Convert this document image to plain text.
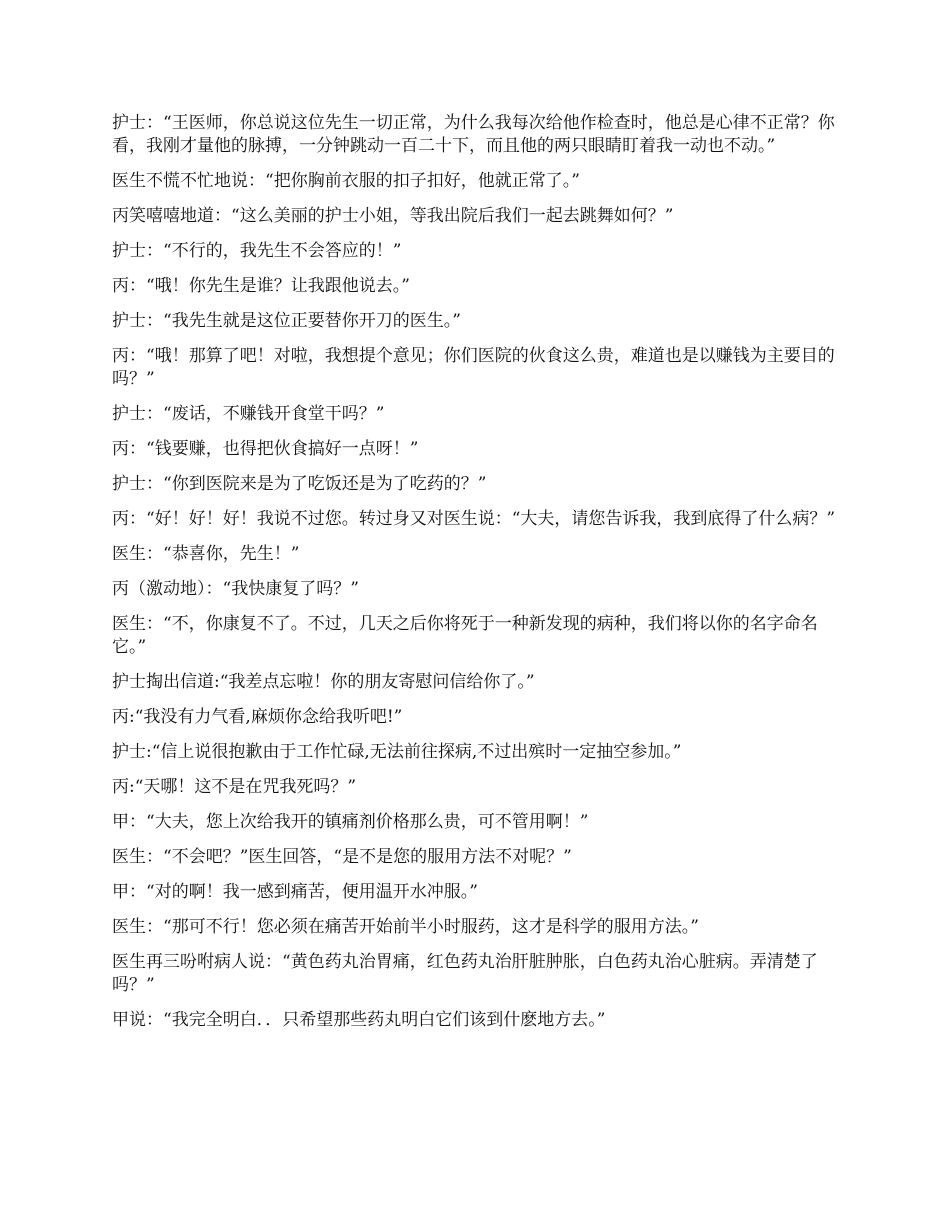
护士：“王医师，你总说这位先生一切正常，为什么我每次给他作检查时，他总是心律不正常？你看，我刚才量他的脉搏，一分钟跳动一百二十下，而且他的两只眼睛盯着我一动也不动。”

医生不慌不忙地说：“把你胸前衣服的扣子扣好，他就正常了。”

丙笑嘻嘻地道：“这么美丽的护士小姐，等我出院后我们一起去跳舞如何？”

护士：“不行的，我先生不会答应的！”

丙：“哦！你先生是谁？让我跟他说去。”

护士：“我先生就是这位正要替你开刀的医生。”

丙：“哦！那算了吧！对啦，我想提个意见；你们医院的伙食这么贵，难道也是以赚钱为主要目的吗？”

护士：“废话，不赚钱开食堂干吗？”

丙：“钱要赚，也得把伙食搞好一点呀！”

护士：“你到医院来是为了吃饭还是为了吃药的？”

丙：“好！好！好！我说不过您。转过身又对医生说：“大夫，请您告诉我，我到底得了什么病？”

医生：“恭喜你，先生！”

丙（激动地）：“我快康复了吗？”

医生：“不，你康复不了。不过，几天之后你将死于一种新发现的病种，我们将以你的名字命名它。”

护士掏出信道:“我差点忘啦！你的朋友寄慰问信给你了。”

丙:“我没有力气看,麻烦你念给我听吧!”

护士:“信上说很抱歉由于工作忙碌,无法前往探病,不过出殡时一定抽空参加。”

丙:“天哪！这不是在咒我死吗？”

甲：“大夫，您上次给我开的镇痛剂价格那么贵，可不管用啊！”

医生：“不会吧？”医生回答，“是不是您的服用方法不对呢？”

甲：“对的啊！我一感到痛苦，便用温开水冲服。”

医生：“那可不行！您必须在痛苦开始前半小时服药，这才是科学的服用方法。”

医生再三吩咐病人说：“黄色药丸治胃痛，红色药丸治肝脏肿胀，白色药丸治心脏病。弄清楚了吗？”

甲说：“我完全明白．．只希望那些药丸明白它们该到什麽地方去。”
